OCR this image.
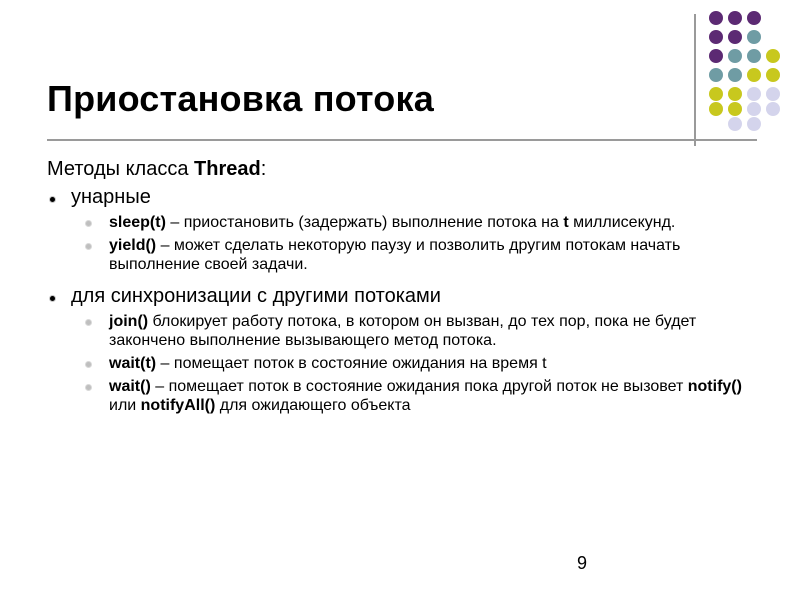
Приостановка потока

Методы класса Thread:

унарные
sleep(t) – приостановить (задержать) выполнение потока на t миллисекунд.
yield() – может сделать некоторую паузу и позволить другим потокам начать выполнение своей задачи.
для синхронизации с другими потоками
join() блокирует работу потока, в котором он вызван, до тех пор, пока не будет закончено выполнение вызывающего метод потока.
wait(t) – помещает поток в состояние ожидания на время t
wait() – помещает поток в состояние ожидания пока другой поток не вызовет notify() или notifyAll() для ожидающего объекта
9
